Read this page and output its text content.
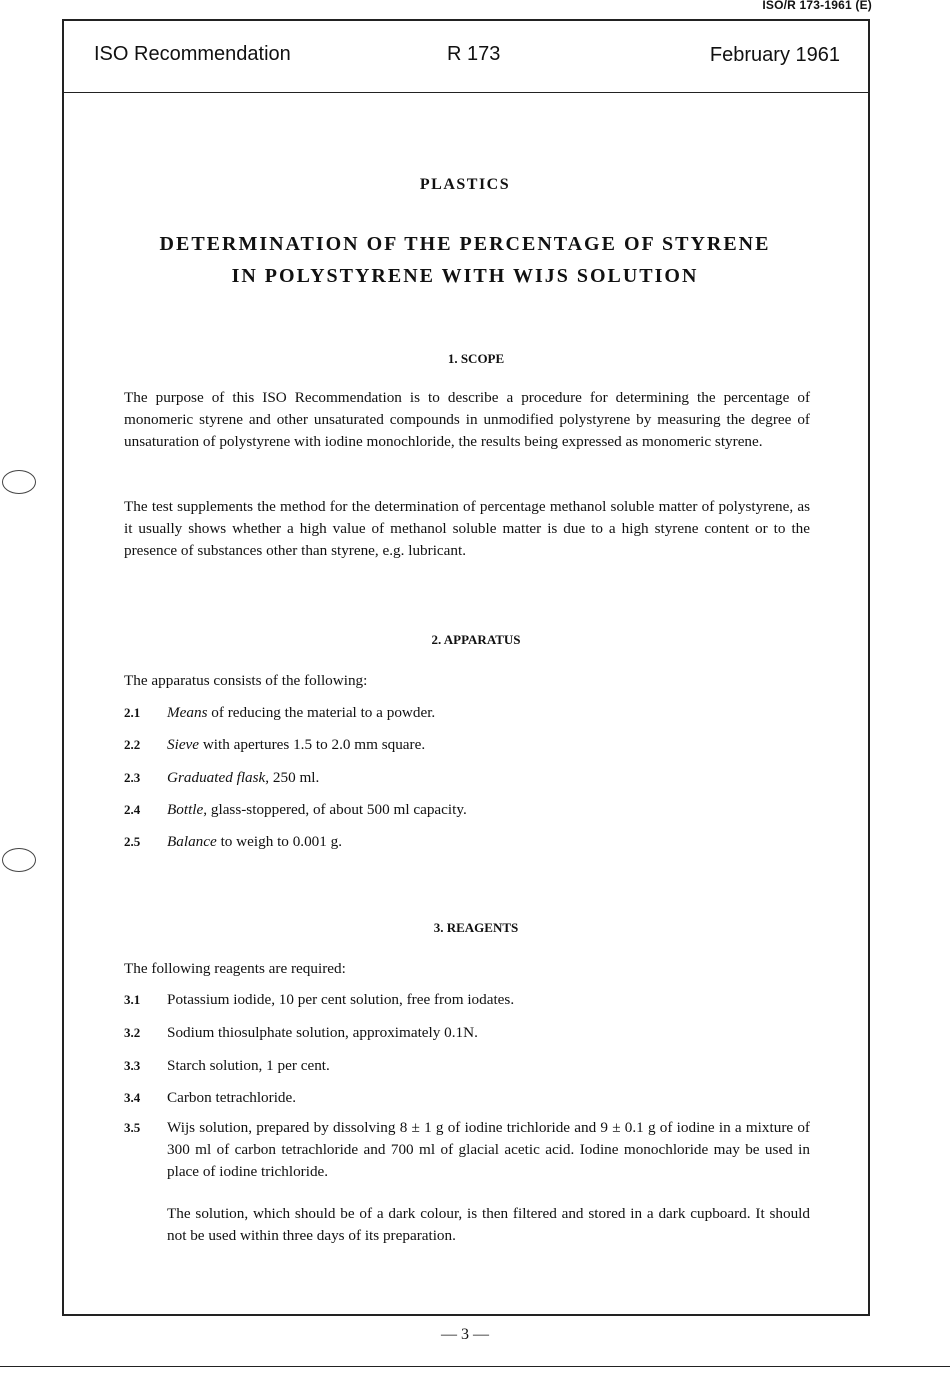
ISO/R 173-1961 (E)
ISO Recommendation	R 173	February 1961
PLASTICS
DETERMINATION OF THE PERCENTAGE OF STYRENE
IN POLYSTYRENE WITH WIJS SOLUTION
1. SCOPE

The purpose of this ISO Recommendation is to describe a procedure for determining the percentage of monomeric styrene and other unsaturated compounds in unmodified polystyrene by measuring the degree of unsaturation of polystyrene with iodine monochloride, the results being expressed as monomeric styrene.

The test supplements the method for the determination of percentage methanol soluble matter of polystyrene, as it usually shows whether a high value of methanol soluble matter is due to a high styrene content or to the presence of substances other than styrene, e.g. lubricant.

2. APPARATUS
The apparatus consists of the following:
2.1 Means of reducing the material to a powder.
2.2 Sieve with apertures 1.5 to 2.0 mm square.
2.3 Graduated flask, 250 ml.
2.4 Bottle, glass-stoppered, of about 500 ml capacity.
2.5 Balance to weigh to 0.001 g.
3. REAGENTS
The following reagents are required:
3.1 Potassium iodide, 10 per cent solution, free from iodates.
3.2 Sodium thiosulphate solution, approximately 0.1N.
3.3 Starch solution, 1 per cent.
3.4 Carbon tetrachloride.
3.5 Wijs solution, prepared by dissolving 8 ± 1 g of iodine trichloride and 9 ± 0.1 g of iodine in a mixture of 300 ml of carbon tetrachloride and 700 ml of glacial acetic acid. Iodine monochloride may be used in place of iodine trichloride.
The solution, which should be of a dark colour, is then filtered and stored in a dark cupboard. It should not be used within three days of its preparation.
— 3 —
